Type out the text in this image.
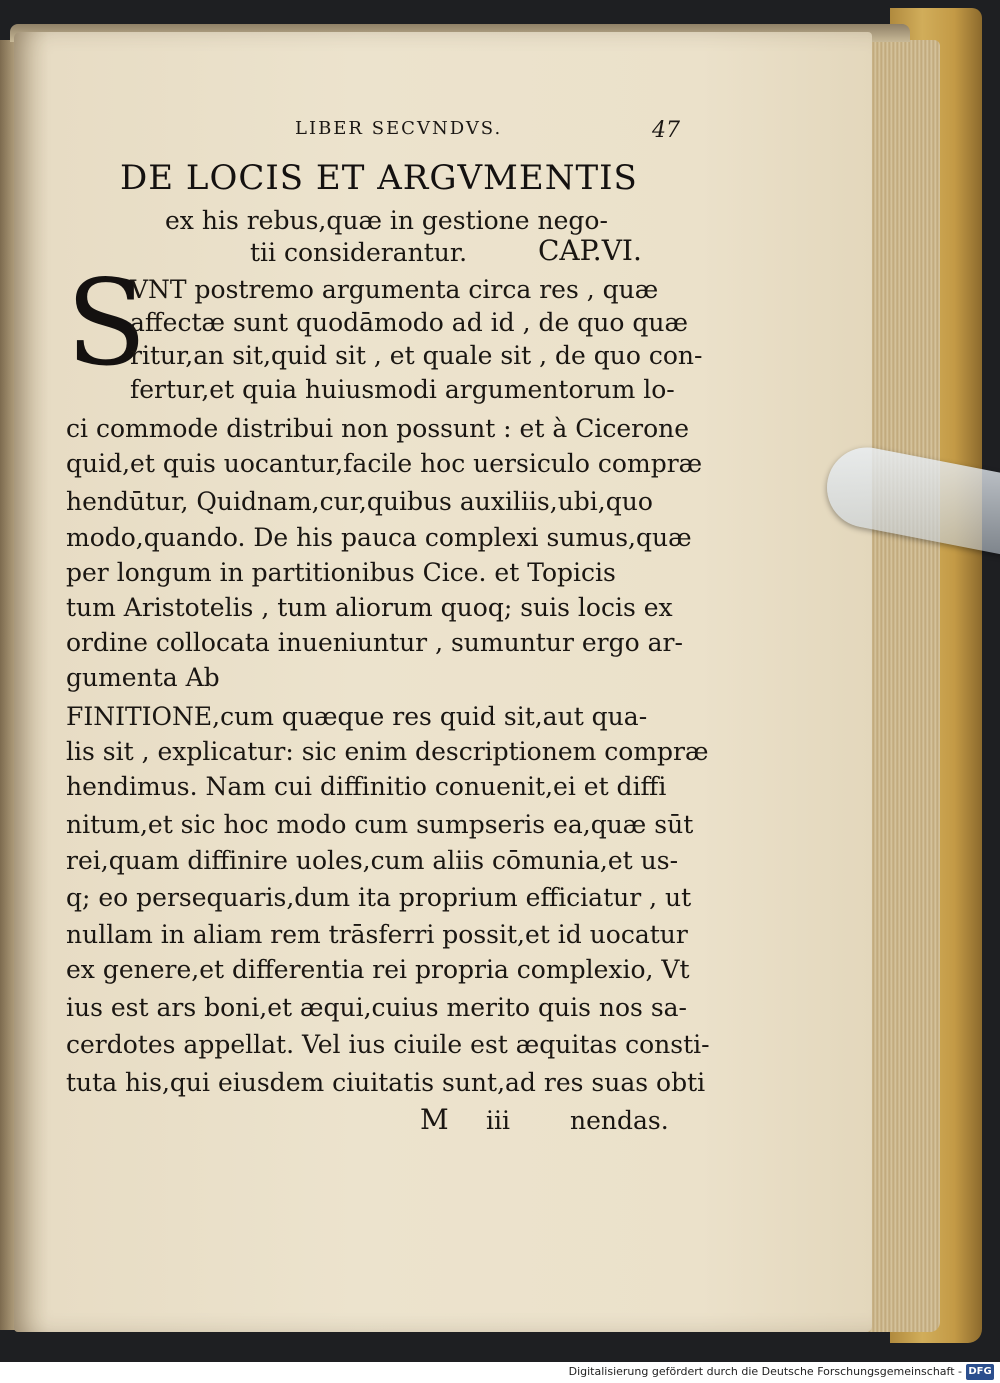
LIBER SECVNDVS.	47
DE LOCIS ET ARGVMENTIS
ex his rebus,quæ in gestione nego-
tii considerantur.	CAP.VI.
S
VNT postremo argumenta circa res , quæ
affectæ sunt quodāmodo ad id , de quo quæ
ritur,an sit,quid sit , et quale sit , de quo con-
fertur,et quia huiusmodi argumentorum lo-
ci commode distribui non possunt : et à Cicerone
quid,et quis uocantur,facile hoc uersiculo compræ
hendūtur, Quidnam,cur,quibus auxiliis,ubi,quo
modo,quando. De his pauca complexi sumus,quæ
per longum in partitionibus Cice. et Topicis
tum Aristotelis , tum aliorum quoq; suis locis ex
ordine collocata inueniuntur , sumuntur ergo ar-
gumenta Ab
FINITIONE,cum quæque res quid sit,aut qua-
lis sit , explicatur: sic enim descriptionem compræ
hendimus. Nam cui diffinitio conuenit,ei et diffi
nitum,et sic hoc modo cum sumpseris ea,quæ sūt
rei,quam diffinire uoles,cum aliis cōmunia,et us-
q; eo persequaris,dum ita proprium efficiatur , ut
nullam in aliam rem trāsferri possit,et id uocatur
ex genere,et differentia rei propria complexio, Vt
ius est ars boni,et æqui,cuius merito quis nos sa-
cerdotes appellat. Vel ius ciuile est æquitas consti-
tuta his,qui eiusdem ciuitatis sunt,ad res suas obti
M iii nendas.
Digitalisierung gefördert durch die Deutsche Forschungsgemeinschaft - DFG
